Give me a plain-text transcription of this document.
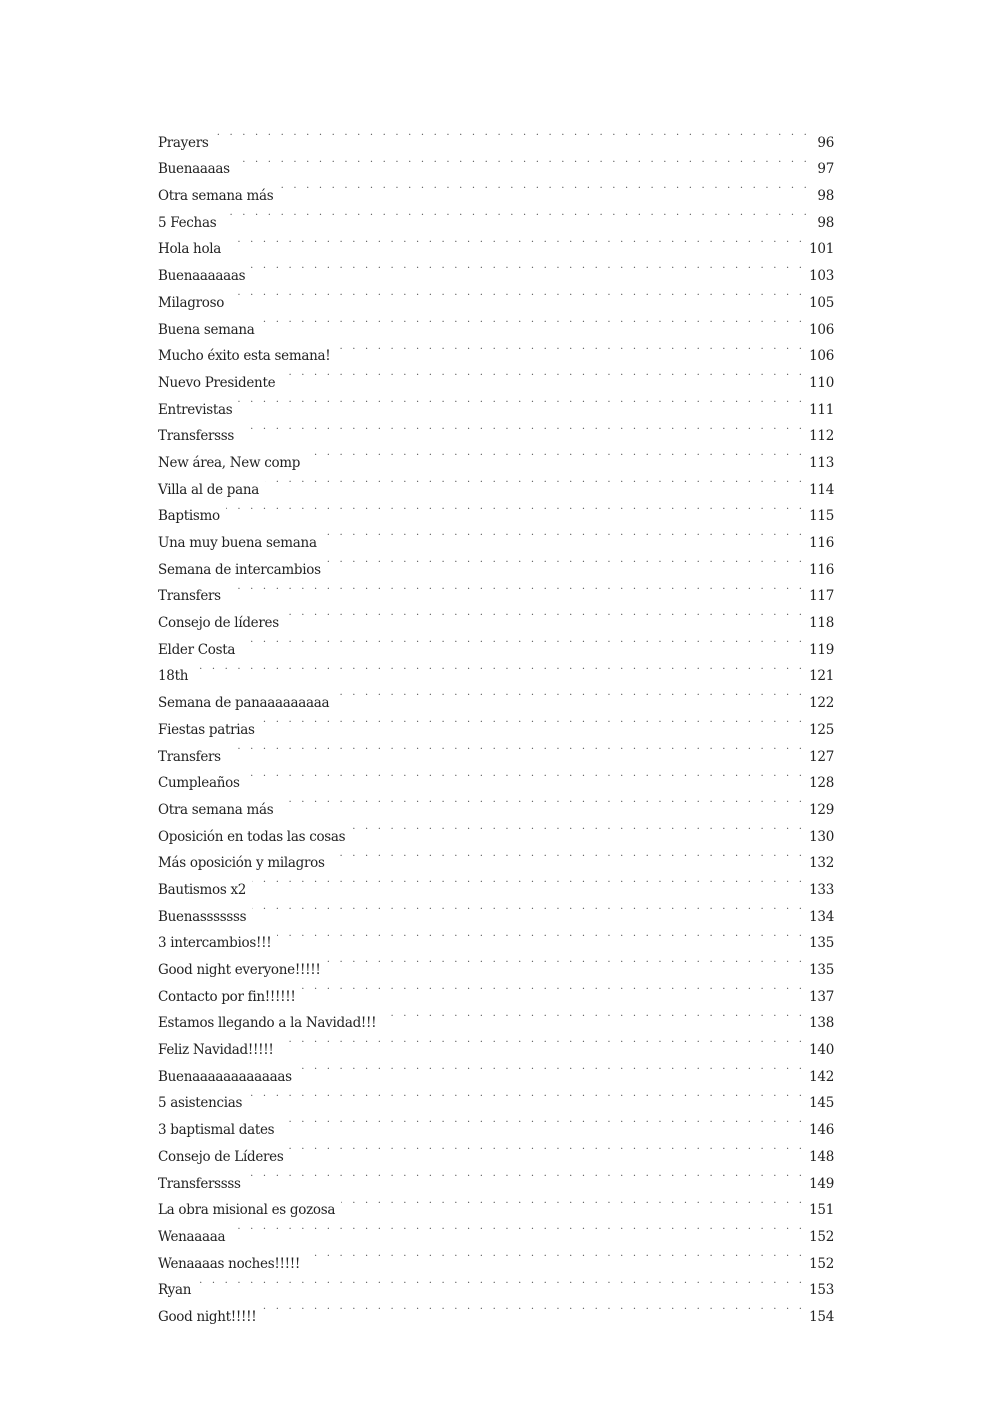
Prayers . . .	96
Buenaaaas . . .	97
Otra semana más . . .	98
5 Fechas . . .	98
Hola hola . . .	101
Buenaaaaaas . . .	103
Milagroso . . .	105
Buena semana . . .	106
Mucho éxito esta semana! . . .	106
Nuevo Presidente . . .	110
Entrevistas . . .	111
Transfersss . . .	112
New área, New comp . . .	113
Villa al de pana . . .	114
Baptismo . . .	115
Una muy buena semana . . .	116
Semana de intercambios . . .	116
Transfers . . .	117
Consejo de líderes . . .	118
Elder Costa . . .	119
18th . . .	121
Semana de panaaaaaaaaa . . .	122
Fiestas patrias . . .	125
Transfers . . .	127
Cumpleaños . . .	128
Otra semana más . . .	129
Oposición en todas las cosas . . .	130
Más oposición y milagros . . .	132
Bautismos x2 . . .	133
Buenasssssss . . .	134
3 intercambios!!! . . .	135
Good night everyone!!!!! . . .	135
Contacto por fin!!!!!! . . .	137
Estamos llegando a la Navidad!!! . . .	138
Feliz Navidad!!!!! . . .	140
Buenaaaaaaaaaaaas . . .	142
5 asistencias . . .	145
3 baptismal dates . . .	146
Consejo de Líderes . . .	148
Transferssss . . .	149
La obra misional es gozosa . . .	151
Wenaaaaa . . .	152
Wenaaaas noches!!!!! . . .	152
Ryan . . .	153
Good night!!!!! . . .	154
